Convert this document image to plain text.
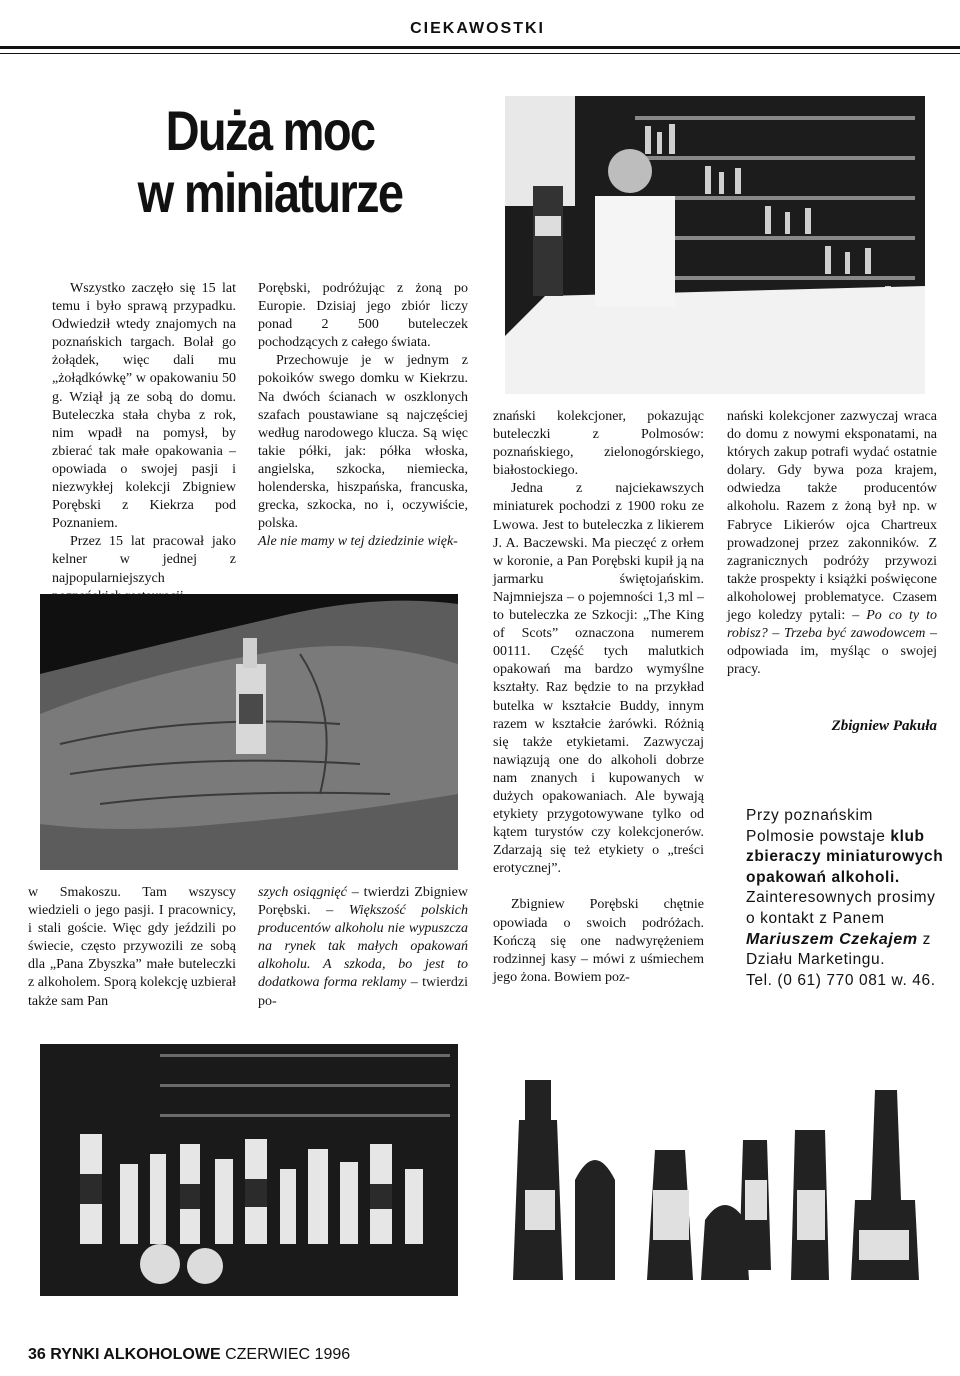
CIEKAWOSTKI
Duża moc
w miniaturze

Wszystko zaczęło się 15 lat temu i było sprawą przypadku. Odwiedził wtedy znajomych na poznańskich targach. Bolał go żołądek, więc dali mu „żołądkówkę” w opakowaniu 50 g. Wziął ją ze sobą do domu. Buteleczka stała chyba z rok, nim wpadł na pomysł, by zbierać tak małe opakowania – opowiada o swojej pasji i niezwykłej kolekcji Zbigniew Porębski z Kiekrza pod Poznaniem.

Przez 15 lat pracował jako kelner w jednej z najpopularniejszych poznańskich restauracji –

Porębski, podróżując z żoną po Europie. Dzisiaj jego zbiór liczy ponad 2 500 buteleczek pochodzących z całego świata.

Przechowuje je w jednym z pokoików swego domku w Kiekrzu. Na dwóch ścianach w oszklonych szafach poustawiane są najczęściej według narodowego klucza. Są więc takie półki, jak: półka włoska, angielska, szkocka, niemiecka, holenderska, hiszpańska, francuska, grecka, szkocka, no i, oczywiście, polska.

Ale nie mamy w tej dziedzinie więk-

w Smakoszu. Tam wszyscy wiedzieli o jego pasji. I pracownicy, i stali goście. Więc gdy jeździli po świecie, często przywozili ze sobą dla „Pana Zbyszka” małe buteleczki z alkoholem. Sporą kolekcję uzbierał także sam Pan

szych osiągnięć – twierdzi Zbigniew Porębski. – Większość polskich producentów alkoholu nie wypuszcza na rynek tak małych opakowań alkoholu. A szkoda, bo jest to dodatkowa forma reklamy – twierdzi po-

znański kolekcjoner, pokazując buteleczki z Polmosów: poznańskiego, zielonogórskiego, białostockiego.

Jedna z najciekawszych miniaturek pochodzi z 1900 roku ze Lwowa. Jest to buteleczka z likierem J. A. Baczewski. Ma pieczęć z orłem w koronie, a Pan Porębski kupił ją na jarmarku świętojańskim. Najmniejsza – o pojemności 1,3 ml – to buteleczka ze Szkocji: „The King of Scots” oznaczona numerem 00111. Część tych malutkich opakowań ma bardzo wymyślne kształty. Raz będzie to na przykład butelka w kształcie Buddy, innym razem w kształcie żarówki. Różnią się także etykietami. Zazwyczaj nawiązują one do alkoholi dobrze nam znanych i kupowanych w dużych opakowaniach. Ale bywają etykiety przygotowywane tylko od kątem turystów czy kolekcjonerów. Zdarzają się też etykiety o „treści erotycznej”.

Zbigniew Porębski chętnie opowiada o swoich podróżach. Kończą się one nadwyrężeniem rodzinnej kasy – mówi z uśmiechem jego żona. Bowiem poz-

nański kolekcjoner zazwyczaj wraca do domu z nowymi eksponatami, na których zakup potrafi wydać ostatnie dolary. Gdy bywa poza krajem, odwiedza także producentów alkoholu. Razem z żoną był np. w Fabryce Likierów ojca Chartreux prowadzonej przez zakonników. Z zagranicznych podróży przywozi także prospekty i książki poświęcone alkoholowej problematyce. Czasem jego koledzy pytali: – Po co ty to robisz? – Trzeba być zawodowcem – odpowiada im, myśląc o swojej pracy.

Zbigniew Pakuła
Przy poznańskim Polmosie powstaje klub zbieraczy miniaturowych opakowań alkoholi. Zainteresownych prosimy o kontakt z Panem Mariuszem Czekajem z Działu Marketingu.
Tel. (0 61) 770 081 w. 46.
36 RYNKI ALKOHOLOWE CZERWIEC 1996
